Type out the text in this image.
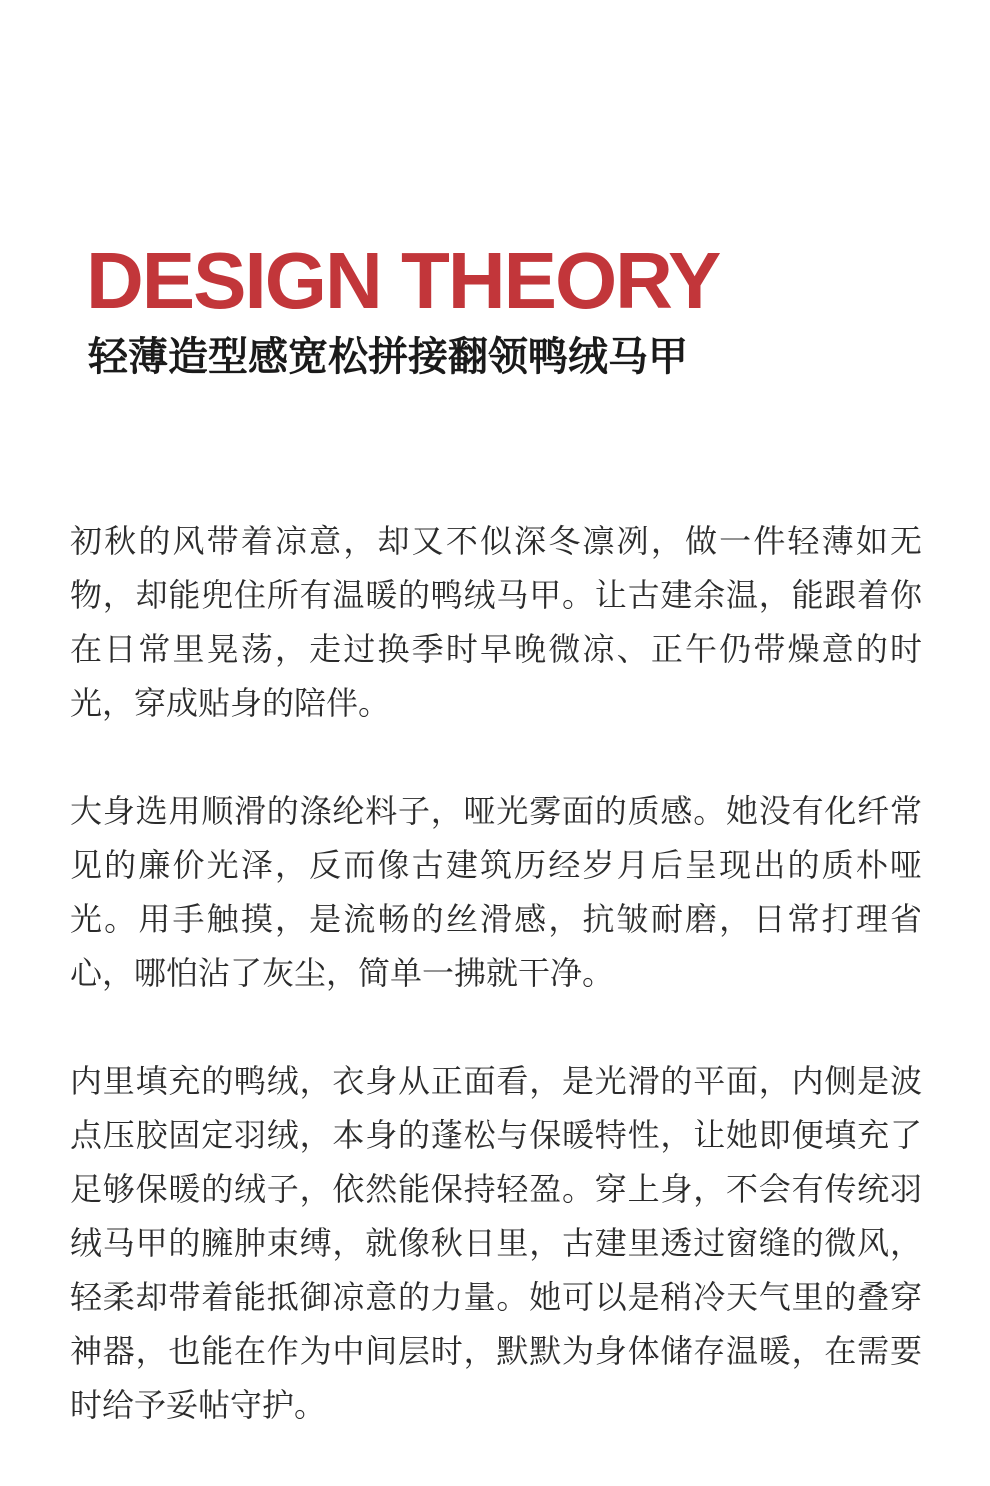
DESIGN THEORY
轻薄造型感宽松拼接翻领鸭绒马甲

初秋的风带着凉意，却又不似深冬凛冽，做一件轻薄如无物，却能兜住所有温暖的鸭绒马甲。让古建余温，能跟着你在日常里晃荡，走过换季时早晚微凉、正午仍带燥意的时光，穿成贴身的陪伴。

大身选用顺滑的涤纶料子，哑光雾面的质感。她没有化纤常见的廉价光泽，反而像古建筑历经岁月后呈现出的质朴哑光。用手触摸，是流畅的丝滑感，抗皱耐磨，日常打理省心，哪怕沾了灰尘，简单一拂就干净。

内里填充的鸭绒，衣身从正面看，是光滑的平面，内侧是波点压胶固定羽绒，本身的蓬松与保暖特性，让她即便填充了足够保暖的绒子，依然能保持轻盈。穿上身，不会有传统羽绒马甲的臃肿束缚，就像秋日里，古建里透过窗缝的微风，轻柔却带着能抵御凉意的力量。她可以是稍冷天气里的叠穿神器，也能在作为中间层时，默默为身体储存温暖，在需要时给予妥帖守护。
